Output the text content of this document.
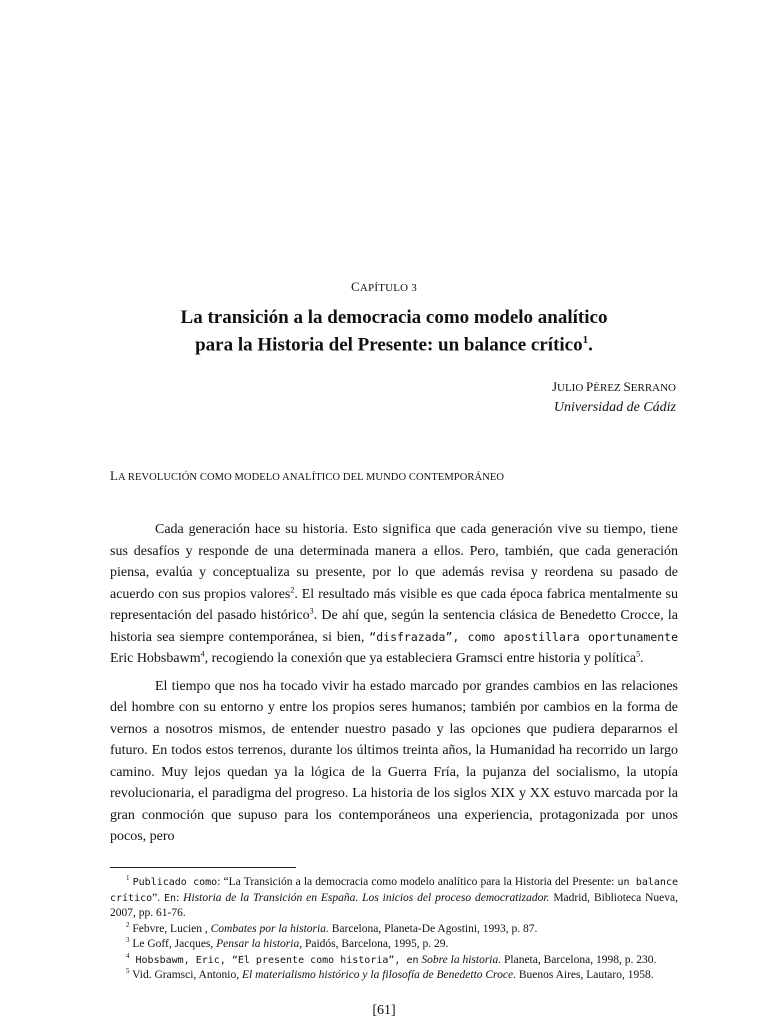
CAPÍTULO 3
La transición a la democracia como modelo analítico
para la Historia del Presente: un balance crítico$^1$.
JULIO PÉREZ SERRANO
Universidad de Cádiz
LA REVOLUCIÓN COMO MODELO ANALÍTICO DEL MUNDO CONTEMPORÁNEO

Cada generación hace su historia. Esto significa que cada generación vive su tiempo, tiene sus desafíos y responde de una determinada manera a ellos. Pero, también, que cada generación piensa, evalúa y conceptualiza su presente, por lo que además revisa y reordena su pasado de acuerdo con sus propios valores$^2$. El resultado más visible es que cada época fabrica mentalmente su representación del pasado histórico$^3$. De ahí que, según la sentencia clásica de Benedetto Crocce, la historia sea siempre contemporánea, si bien, “disfrazada”, como apostillara oportunamente Eric Hobsbawm$^4$, recogiendo la conexión que ya estableciera Gramsci entre historia y política$^5$.

El tiempo que nos ha tocado vivir ha estado marcado por grandes cambios en las relaciones del hombre con su entorno y entre los propios seres humanos; también por cambios en la forma de vernos a nosotros mismos, de entender nuestro pasado y las opciones que pudiera depararnos el futuro. En todos estos terrenos, durante los últimos treinta años, la Humanidad ha recorrido un largo camino. Muy lejos quedan ya la lógica de la Guerra Fría, la pujanza del socialismo, la utopía revolucionaria, el paradigma del progreso. La historia de los siglos XIX y XX estuvo marcada por la gran conmoción que supuso para los contemporáneos una experiencia, protagonizada por unos pocos, pero

$^1$ Publicado como: “La Transición a la democracia como modelo analítico para la Historia del Presente: un balance crítico”. En: Historia de la Transición en España. Los inicios del proceso democratizador. Madrid, Biblioteca Nueva, 2007, pp. 61-76.

$^2$ Febvre, Lucien , Combates por la historia. Barcelona, Planeta-De Agostini, 1993, p. 87.

$^3$ Le Goff, Jacques, Pensar la historia, Paidós, Barcelona, 1995, p. 29.

$^4$ Hobsbawm, Eric, “El presente como historia”, en Sobre la historia. Planeta, Barcelona, 1998, p. 230.

$^5$ Vid. Gramsci, Antonio, El materialismo histórico y la filosofía de Benedetto Croce. Buenos Aires, Lautaro, 1958.

[61]
